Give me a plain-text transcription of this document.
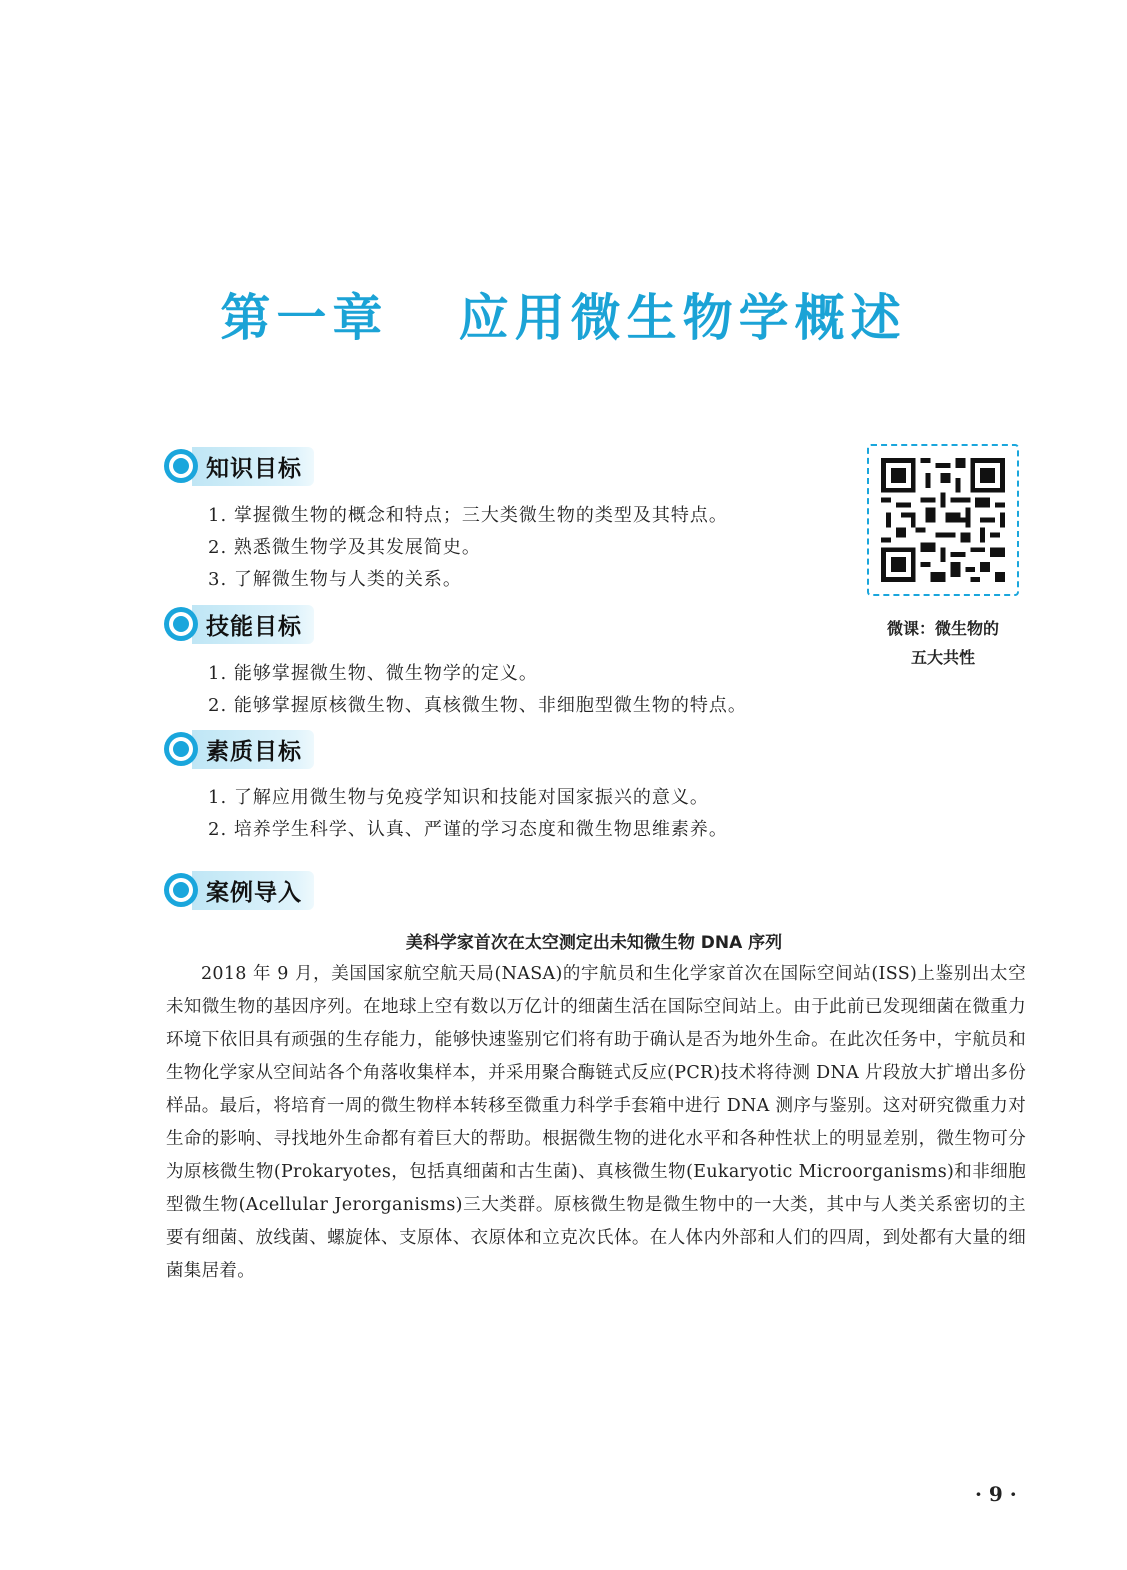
第一章   应用微生物学概述
知识目标
1. 掌握微生物的概念和特点；三大类微生物的类型及其特点。
2. 熟悉微生物学及其发展简史。
3. 了解微生物与人类的关系。
技能目标
1. 能够掌握微生物、微生物学的定义。
2. 能够掌握原核微生物、真核微生物、非细胞型微生物的特点。
素质目标
1. 了解应用微生物与免疫学知识和技能对国家振兴的意义。
2. 培养学生科学、认真、严谨的学习态度和微生物思维素养。
案例导入
美科学家首次在太空测定出未知微生物 DNA 序列

2018 年 9 月，美国国家航空航天局(NASA)的宇航员和生化学家首次在国际空间站(ISS)上鉴别出太空未知微生物的基因序列。在地球上空有数以万亿计的细菌生活在国际空间站上。由于此前已发现细菌在微重力环境下依旧具有顽强的生存能力，能够快速鉴别它们将有助于确认是否为地外生命。在此次任务中，宇航员和生物化学家从空间站各个角落收集样本，并采用聚合酶链式反应(PCR)技术将待测 DNA 片段放大扩增出多份样品。最后，将培育一周的微生物样本转移至微重力科学手套箱中进行 DNA 测序与鉴别。这对研究微重力对生命的影响、寻找地外生命都有着巨大的帮助。根据微生物的进化水平和各种性状上的明显差别，微生物可分为原核微生物(Prokaryotes，包括真细菌和古生菌)、真核微生物(Eukaryotic Microorganisms)和非细胞型微生物(Acellular Jerorganisms)三大类群。原核微生物是微生物中的一大类，其中与人类关系密切的主要有细菌、放线菌、螺旋体、支原体、衣原体和立克次氏体。在人体内外部和人们的四周，到处都有大量的细菌集居着。

微课：微生物的
五大共性
· 9 ·
